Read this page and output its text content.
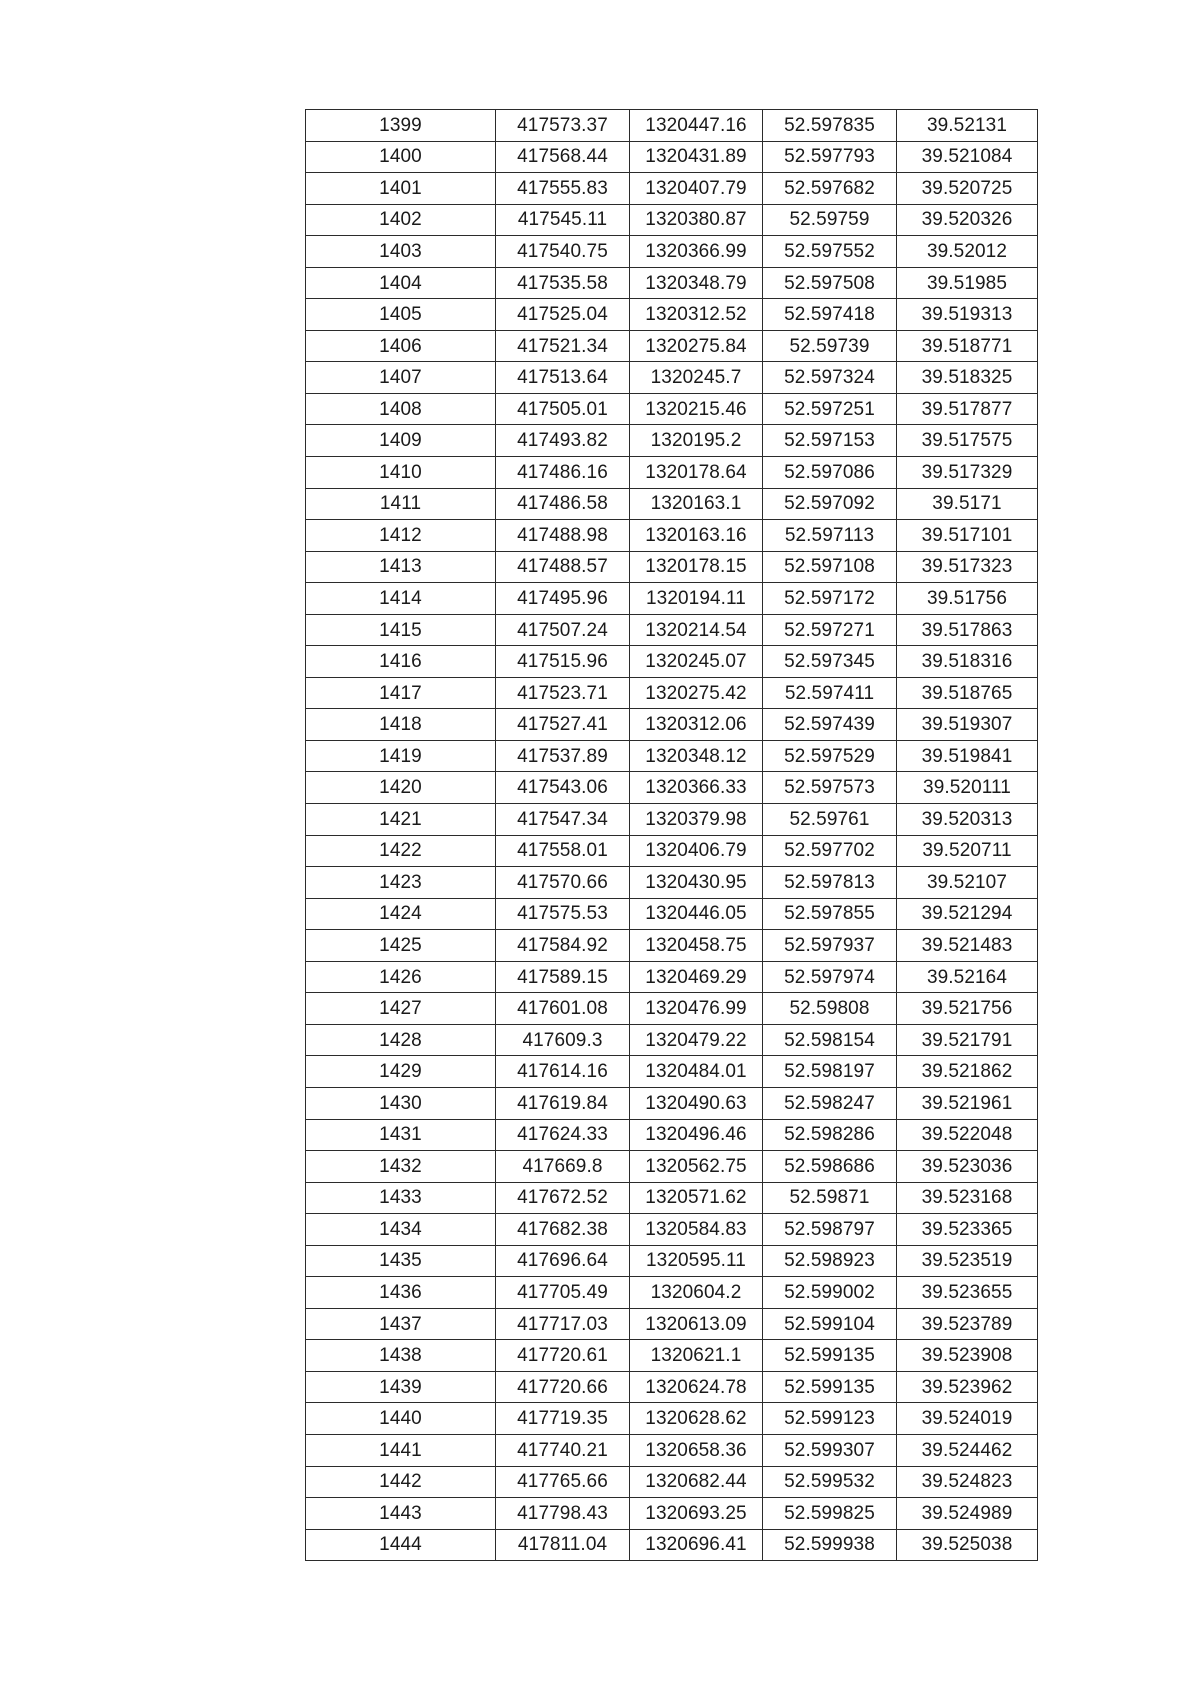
1399	417573.37	1320447.16	52.597835	39.52131
1400	417568.44	1320431.89	52.597793	39.521084
1401	417555.83	1320407.79	52.597682	39.520725
1402	417545.11	1320380.87	52.59759	39.520326
1403	417540.75	1320366.99	52.597552	39.52012
1404	417535.58	1320348.79	52.597508	39.51985
1405	417525.04	1320312.52	52.597418	39.519313
1406	417521.34	1320275.84	52.59739	39.518771
1407	417513.64	1320245.7	52.597324	39.518325
1408	417505.01	1320215.46	52.597251	39.517877
1409	417493.82	1320195.2	52.597153	39.517575
1410	417486.16	1320178.64	52.597086	39.517329
1411	417486.58	1320163.1	52.597092	39.5171
1412	417488.98	1320163.16	52.597113	39.517101
1413	417488.57	1320178.15	52.597108	39.517323
1414	417495.96	1320194.11	52.597172	39.51756
1415	417507.24	1320214.54	52.597271	39.517863
1416	417515.96	1320245.07	52.597345	39.518316
1417	417523.71	1320275.42	52.597411	39.518765
1418	417527.41	1320312.06	52.597439	39.519307
1419	417537.89	1320348.12	52.597529	39.519841
1420	417543.06	1320366.33	52.597573	39.520111
1421	417547.34	1320379.98	52.59761	39.520313
1422	417558.01	1320406.79	52.597702	39.520711
1423	417570.66	1320430.95	52.597813	39.52107
1424	417575.53	1320446.05	52.597855	39.521294
1425	417584.92	1320458.75	52.597937	39.521483
1426	417589.15	1320469.29	52.597974	39.52164
1427	417601.08	1320476.99	52.59808	39.521756
1428	417609.3	1320479.22	52.598154	39.521791
1429	417614.16	1320484.01	52.598197	39.521862
1430	417619.84	1320490.63	52.598247	39.521961
1431	417624.33	1320496.46	52.598286	39.522048
1432	417669.8	1320562.75	52.598686	39.523036
1433	417672.52	1320571.62	52.59871	39.523168
1434	417682.38	1320584.83	52.598797	39.523365
1435	417696.64	1320595.11	52.598923	39.523519
1436	417705.49	1320604.2	52.599002	39.523655
1437	417717.03	1320613.09	52.599104	39.523789
1438	417720.61	1320621.1	52.599135	39.523908
1439	417720.66	1320624.78	52.599135	39.523962
1440	417719.35	1320628.62	52.599123	39.524019
1441	417740.21	1320658.36	52.599307	39.524462
1442	417765.66	1320682.44	52.599532	39.524823
1443	417798.43	1320693.25	52.599825	39.524989
1444	417811.04	1320696.41	52.599938	39.525038
